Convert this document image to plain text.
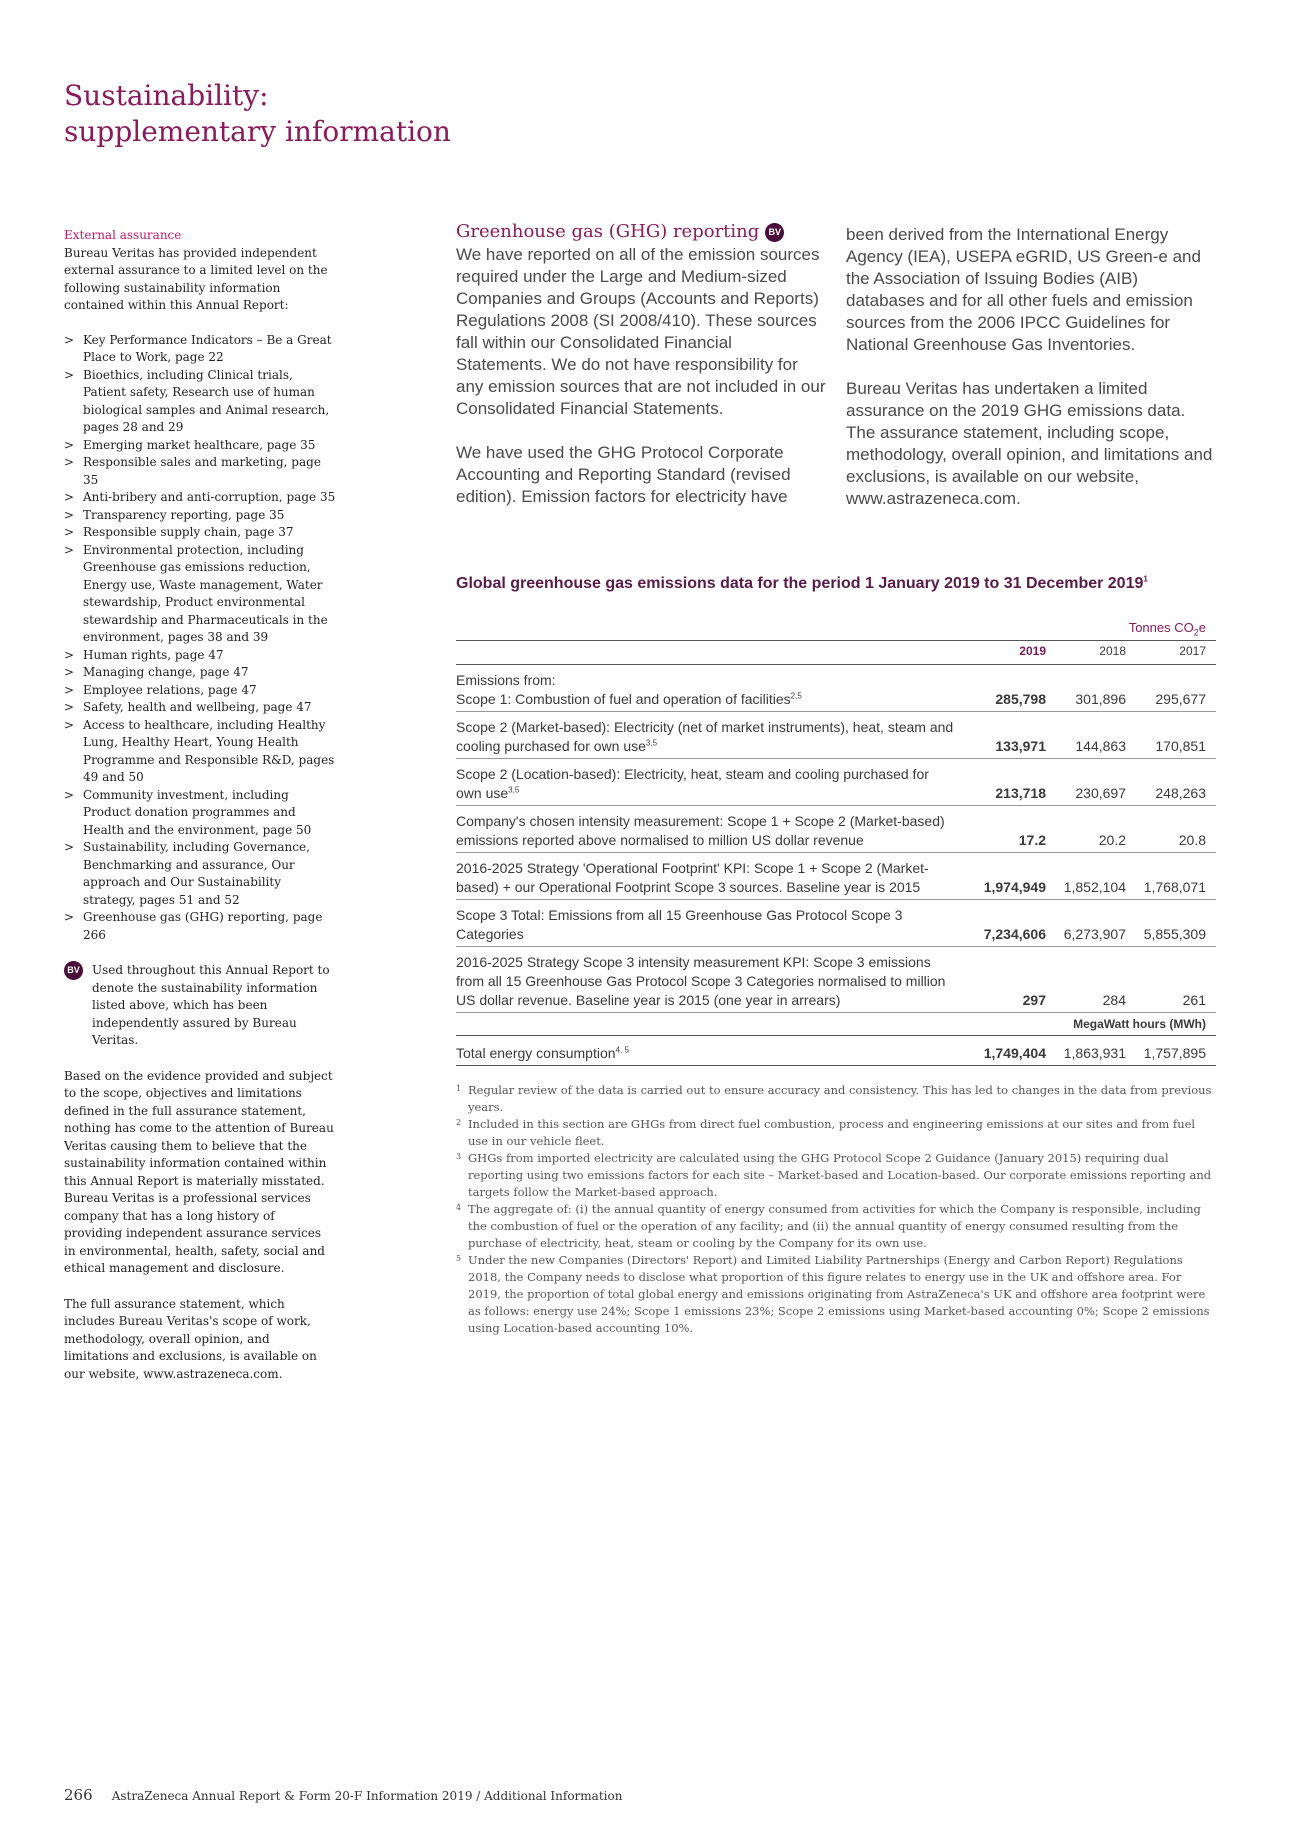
Sustainability:
supplementary information

External assurance

Bureau Veritas has provided independent external assurance to a limited level on the following sustainability information contained within this Annual Report:

> Key Performance Indicators – Be a Great Place to Work, page 22
> Bioethics, including Clinical trials, Patient safety, Research use of human biological samples and Animal research, pages 28 and 29
> Emerging market healthcare, page 35
> Responsible sales and marketing, page 35
> Anti-bribery and anti-corruption, page 35
> Transparency reporting, page 35
> Responsible supply chain, page 37
> Environmental protection, including Greenhouse gas emissions reduction, Energy use, Waste management, Water stewardship, Product environmental stewardship and Pharmaceuticals in the environment, pages 38 and 39
> Human rights, page 47
> Managing change, page 47
> Employee relations, page 47
> Safety, health and wellbeing, page 47
> Access to healthcare, including Healthy Lung, Healthy Heart, Young Health Programme and Responsible R&D, pages 49 and 50
> Community investment, including Product donation programmes and Health and the environment, page 50
> Sustainability, including Governance, Benchmarking and assurance, Our approach and Our Sustainability strategy, pages 51 and 52
> Greenhouse gas (GHG) reporting, page 266
BV Used throughout this Annual Report to denote the sustainability information listed above, which has been independently assured by Bureau Veritas.

Based on the evidence provided and subject to the scope, objectives and limitations defined in the full assurance statement, nothing has come to the attention of Bureau Veritas causing them to believe that the sustainability information contained within this Annual Report is materially misstated. Bureau Veritas is a professional services company that has a long history of providing independent assurance services in environmental, health, safety, social and ethical management and disclosure.

The full assurance statement, which includes Bureau Veritas's scope of work, methodology, overall opinion, and limitations and exclusions, is available on our website, www.astrazeneca.com.

Greenhouse gas (GHG) reporting	BV

We have reported on all of the emission sources required under the Large and Medium-sized Companies and Groups (Accounts and Reports) Regulations 2008 (SI 2008/410). These sources fall within our Consolidated Financial Statements. We do not have responsibility for any emission sources that are not included in our Consolidated Financial Statements.

We have used the GHG Protocol Corporate Accounting and Reporting Standard (revised edition). Emission factors for electricity have

been derived from the International Energy Agency (IEA), USEPA eGRID, US Green-e and the Association of Issuing Bodies (AIB) databases and for all other fuels and emission sources from the 2006 IPCC Guidelines for National Greenhouse Gas Inventories.

Bureau Veritas has undertaken a limited assurance on the 2019 GHG emissions data. The assurance statement, including scope, methodology, overall opinion, and limitations and exclusions, is available on our website, www.astrazeneca.com.

Global greenhouse gas emissions data for the period 1 January 2019 to 31 December 2019$^1$
Tonnes $CO_2e$
2019	2018	2017
Emissions from:
Scope 1: Combustion of fuel and operation of facilities$^{2,5}$	285,798	301,896	295,677
Scope 2 (Market-based): Electricity (net of market instruments), heat, steam and cooling purchased for own use$^{3,5}$	133,971	144,863	170,851
Scope 2 (Location-based): Electricity, heat, steam and cooling purchased for own use$^{3,5}$	213,718	230,697	248,263
Company's chosen intensity measurement: Scope 1 + Scope 2 (Market-based) emissions reported above normalised to million US dollar revenue	17.2	20.2	20.8
2016-2025 Strategy 'Operational Footprint' KPI: Scope 1 + Scope 2 (Market-based) + our Operational Footprint Scope 3 sources. Baseline year is 2015	1,974,949	1,852,104	1,768,071
Scope 3 Total: Emissions from all 15 Greenhouse Gas Protocol Scope 3 Categories	7,234,606	6,273,907	5,855,309
2016-2025 Strategy Scope 3 intensity measurement KPI: Scope 3 emissions from all 15 Greenhouse Gas Protocol Scope 3 Categories normalised to million US dollar revenue. Baseline year is 2015 (one year in arrears)	297	284	261
MegaWatt hours (MWh)
Total energy consumption$^{4, 5}$	1,749,404	1,863,931	1,757,895
1 Regular review of the data is carried out to ensure accuracy and consistency. This has led to changes in the data from previous years.
2 Included in this section are GHGs from direct fuel combustion, process and engineering emissions at our sites and from fuel use in our vehicle fleet.
3 GHGs from imported electricity are calculated using the GHG Protocol Scope 2 Guidance (January 2015) requiring dual reporting using two emissions factors for each site – Market-based and Location-based. Our corporate emissions reporting and targets follow the Market-based approach.
4 The aggregate of: (i) the annual quantity of energy consumed from activities for which the Company is responsible, including the combustion of fuel or the operation of any facility; and (ii) the annual quantity of energy consumed resulting from the purchase of electricity, heat, steam or cooling by the Company for its own use.
5 Under the new Companies (Directors' Report) and Limited Liability Partnerships (Energy and Carbon Report) Regulations 2018, the Company needs to disclose what proportion of this figure relates to energy use in the UK and offshore area. For 2019, the proportion of total global energy and emissions originating from AstraZeneca's UK and offshore area footprint were as follows: energy use 24%; Scope 1 emissions 23%; Scope 2 emissions using Market-based accounting 0%; Scope 2 emissions using Location-based accounting 10%.
266 AstraZeneca Annual Report & Form 20-F Information 2019 / Additional Information
